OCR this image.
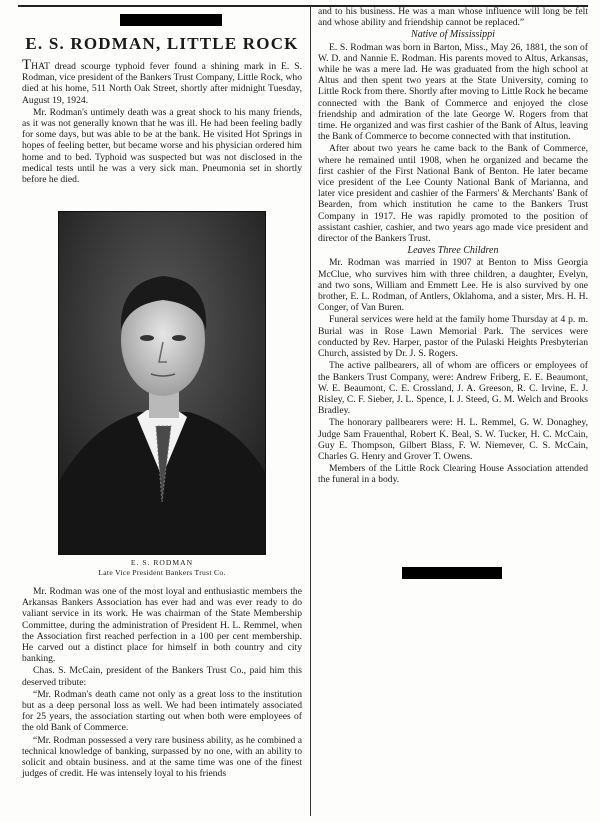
E. S. RODMAN, LITTLE ROCK

THAT dread scourge typhoid fever found a shining mark in E. S. Rodman, vice president of the Bankers Trust Company, Little Rock, who died at his home, 511 North Oak Street, shortly after midnight Tuesday, August 19, 1924.

Mr. Rodman's untimely death was a great shock to his many friends, as it was not generally known that he was ill. He had been feeling badly for some days, but was able to be at the bank. He visited Hot Springs in hopes of feeling better, but became worse and his physician ordered him home and to bed. Typhoid was suspected but was not disclosed in the medical tests until he was a very sick man. Pneumonia set in shortly before he died.

E. S. RODMAN
Late Vice President Bankers Trust Co.

Mr. Rodman was one of the most loyal and enthusiastic members the Arkansas Bankers Association has ever had and was ever ready to do valiant service in its work. He was chairman of the State Membership Committee, during the administration of President H. L. Remmel, when the Association first reached perfection in a 100 per cent membership. He carved out a distinct place for himself in both country and city banking.

Chas. S. McCain, president of the Bankers Trust Co., paid him this deserved tribute:

“Mr. Rodman's death came not only as a great loss to the institution but as a deep personal loss as well. We had been intimately associated for 25 years, the association starting out when both were employees of the old Bank of Commerce.

“Mr. Rodman possessed a very rare business ability, as he combined a technical knowledge of banking, surpassed by no one, with an ability to solicit and obtain business. and at the same time was one of the finest judges of credit. He was intensely loyal to his friends

and to his business. He was a man whose influence will long be felt and whose ability and friendship cannot be replaced.”

Native of Mississippi

E. S. Rodman was born in Barton, Miss., May 26, 1881, the son of W. D. and Nannie E. Rodman. His parents moved to Altus, Arkansas, while he was a mere lad. He was graduated from the high school at Altus and then spent two years at the State University, coming to Little Rock from there. Shortly after moving to Little Rock he became connected with the Bank of Commerce and enjoyed the close friendship and admiration of the late George W. Rogers from that time. He organized and was first cashier of the Bank of Altus, leaving the Bank of Commerce to become connected with that institution.

After about two years he came back to the Bank of Commerce, where he remained until 1908, when he organized and became the first cashier of the First National Bank of Benton. He later became vice president of the Lee County National Bank of Marianna, and later vice president and cashier of the Farmers' & Merchants' Bank of Bearden, from which institution he came to the Bankers Trust Company in 1917. He was rapidly promoted to the position of assistant cashier, cashier, and two years ago made vice president and director of the Bankers Trust.

Leaves Three Children

Mr. Rodman was married in 1907 at Benton to Miss Georgia McClue, who survives him with three children, a daughter, Evelyn, and two sons, William and Emmett Lee. He is also survived by one brother, E. L. Rodman, of Antlers, Oklahoma, and a sister, Mrs. H. H. Conger, of Van Buren.

Funeral services were held at the family home Thursday at 4 p. m. Burial was in Rose Lawn Memorial Park. The services were conducted by Rev. Harper, pastor of the Pulaski Heights Presbyterian Church, assisted by Dr. J. S. Rogers.

The active pallbearers, all of whom are officers or employees of the Bankers Trust Company, were: Andrew Friberg, E. E. Beaumont, W. E. Beaumont, C. E. Crossland, J. A. Greeson, R. C. Irvine, E. J. Risley, C. F. Sieber, J. L. Spence, I. J. Steed, G. M. Welch and Brooks Bradley.

The honorary pallbearers were: H. L. Remmel, G. W. Donaghey, Judge Sam Frauenthal, Robert K. Beal, S. W. Tucker, H. C. McCain, Guy E. Thompson, Gilbert Blass, F. W. Niemever, C. S. McCain, Charles G. Henry and Grover T. Owens.

Members of the Little Rock Clearing House Association attended the funeral in a body.
